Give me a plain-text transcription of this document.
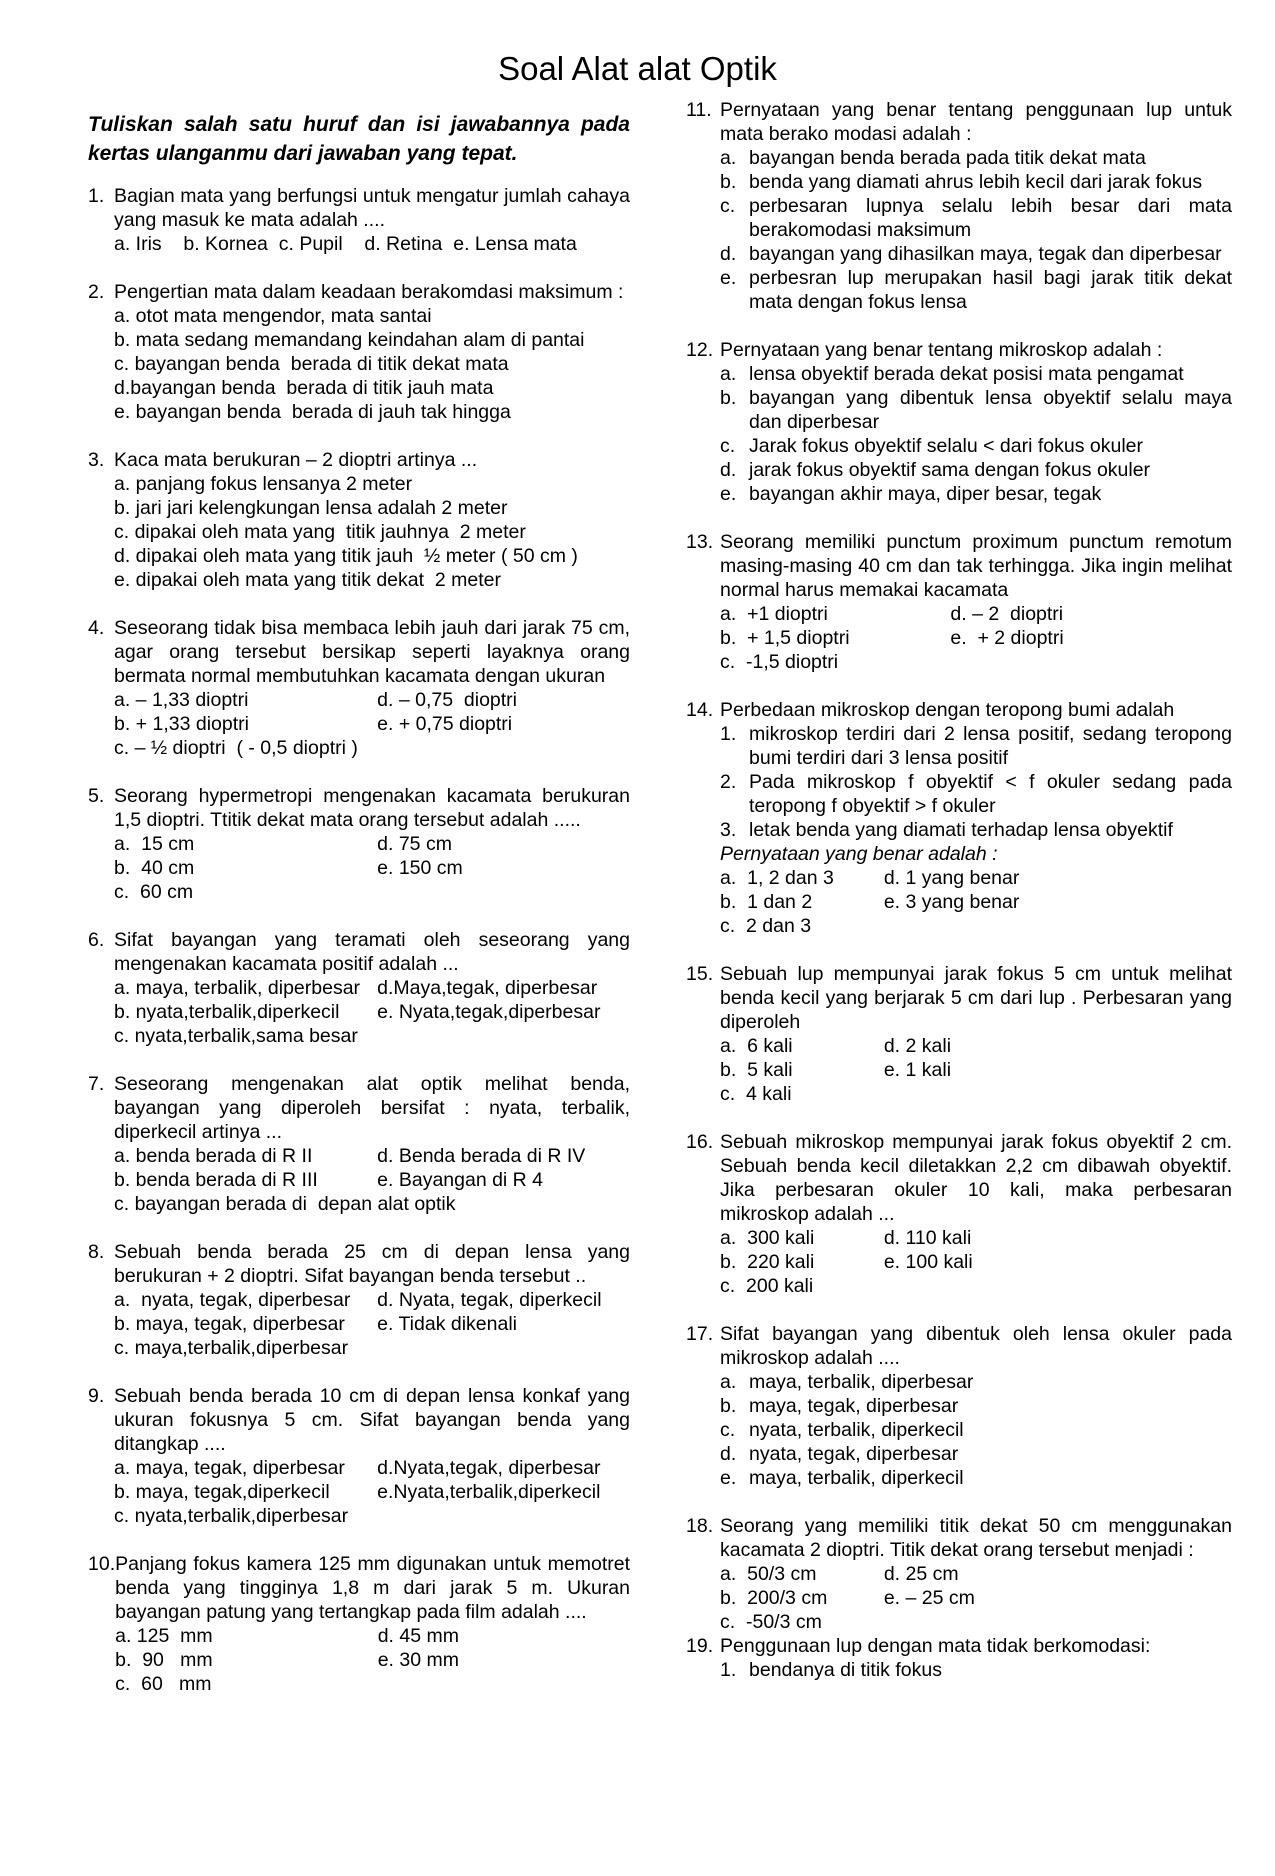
Soal Alat alat Optik

Tuliskan salah satu huruf dan isi jawabannya pada kertas ulanganmu dari jawaban yang tepat.

1. Bagian mata yang berfungsi untuk mengatur jumlah cahaya yang masuk ke mata adalah ....
a. Iris    b. Kornea  c. Pupil    d. Retina  e. Lensa mata
2. Pengertian mata dalam keadaan berakomdasi maksimum :
a. otot mata mengendor, mata santai
b. mata sedang memandang keindahan alam di pantai
c. bayangan benda  berada di titik dekat mata
d.bayangan benda  berada di titik jauh mata
e. bayangan benda  berada di jauh tak hingga
3. Kaca mata berukuran – 2 dioptri artinya ...
a. panjang fokus lensanya 2 meter
b. jari jari kelengkungan lensa adalah 2 meter
c. dipakai oleh mata yang  titik jauhnya  2 meter
d. dipakai oleh mata yang titik jauh  ½ meter ( 50 cm )
e. dipakai oleh mata yang titik dekat  2 meter
4. Seseorang tidak bisa membaca lebih jauh dari jarak 75 cm, agar orang tersebut bersikap seperti layaknya orang bermata normal membutuhkan kacamata dengan ukuran
a. – 1,33 dioptri	d. – 0,75  dioptri
b. + 1,33 dioptri	e. + 0,75 dioptri
c. – ½ dioptri  ( - 0,5 dioptri )
5. Seorang hypermetropi mengenakan kacamata berukuran 1,5 dioptri. Ttitik dekat mata orang tersebut adalah .....
a.  15 cm	d. 75 cm
b.  40 cm	e. 150 cm
c.  60 cm
6. Sifat bayangan yang teramati oleh seseorang yang mengenakan kacamata positif adalah ...
a. maya, terbalik, diperbesar d.Maya,tegak, diperbesar
b. nyata,terbalik,diperkecil	e. Nyata,tegak,diperbesar
c. nyata,terbalik,sama besar
7. Seseorang mengenakan alat optik melihat benda, bayangan yang diperoleh bersifat : nyata, terbalik, diperkecil artinya ...
a. benda berada di R II	d. Benda berada di R IV
b. benda berada di R III	e. Bayangan di R 4
c. bayangan berada di  depan alat optik
8. Sebuah benda berada 25 cm di depan lensa yang berukuran + 2 dioptri. Sifat bayangan benda tersebut ..
a.  nyata, tegak, diperbesar	d. Nyata, tegak, diperkecil
b. maya, tegak, diperbesar	e. Tidak dikenali
c. maya,terbalik,diperbesar
9. Sebuah benda berada 10 cm di depan lensa konkaf yang ukuran fokusnya 5 cm. Sifat bayangan benda yang ditangkap ....
a. maya, tegak, diperbesar	d.Nyata,tegak, diperbesar
b. maya, tegak,diperkecil	e.Nyata,terbalik,diperkecil
c. nyata,terbalik,diperbesar
10. Panjang fokus kamera 125 mm digunakan untuk memotret benda yang tingginya 1,8 m dari jarak 5 m. Ukuran bayangan patung yang tertangkap pada film adalah ....
a. 125  mm	d. 45 mm
b.  90   mm	e. 30 mm
c.  60   mm
11. Pernyataan yang benar tentang penggunaan lup untuk mata berako modasi adalah :
a. bayangan benda berada pada titik dekat mata
b. benda yang diamati ahrus lebih kecil dari jarak fokus
c. perbesaran lupnya selalu lebih besar dari mata berakomodasi maksimum
d. bayangan yang dihasilkan maya, tegak dan diperbesar
e. perbesran lup merupakan hasil bagi jarak titik dekat mata dengan fokus lensa
12. Pernyataan yang benar tentang mikroskop adalah :
a. lensa obyektif berada dekat posisi mata pengamat
b. bayangan yang dibentuk lensa obyektif selalu maya dan diperbesar
c. Jarak fokus obyektif selalu < dari fokus okuler
d. jarak fokus obyektif sama dengan fokus okuler
e. bayangan akhir maya, diper besar, tegak
13. Seorang memiliki punctum proximum punctum remotum masing-masing 40 cm dan tak terhingga. Jika ingin melihat normal harus memakai kacamata
a.  +1 dioptri	d. – 2  dioptri
b.  + 1,5 dioptri	e.  + 2 dioptri
c.  -1,5 dioptri
14. Perbedaan mikroskop dengan teropong bumi adalah
1. mikroskop terdiri dari 2 lensa positif, sedang teropong bumi terdiri dari 3 lensa positif
2. Pada mikroskop f obyektif < f okuler sedang pada teropong f obyektif > f okuler
3. letak benda yang diamati terhadap lensa obyektif
Pernyataan yang benar adalah :
a.  1, 2 dan 3	d. 1 yang benar
b.  1 dan 2	e. 3 yang benar
c.  2 dan 3
15. Sebuah lup mempunyai jarak fokus 5 cm untuk melihat benda kecil yang berjarak 5 cm dari lup . Perbesaran yang diperoleh
a.  6 kali	d. 2 kali
b.  5 kali	e. 1 kali
c.  4 kali
16. Sebuah mikroskop mempunyai jarak fokus obyektif 2 cm. Sebuah benda kecil diletakkan 2,2 cm dibawah obyektif. Jika perbesaran okuler 10 kali, maka perbesaran mikroskop adalah ...
a.  300 kali	d. 110 kali
b.  220 kali	e. 100 kali
c.  200 kali
17. Sifat bayangan yang dibentuk oleh lensa okuler pada mikroskop adalah ....
a. maya, terbalik, diperbesar
b. maya, tegak, diperbesar
c. nyata, terbalik, diperkecil
d. nyata, tegak, diperbesar
e. maya, terbalik, diperkecil
18. Seorang yang memiliki titik dekat 50 cm menggunakan kacamata 2 dioptri. Titik dekat orang tersebut menjadi :
a.  50/3 cm	d. 25 cm
b.  200/3 cm	e. – 25 cm
c.  -50/3 cm
19. Penggunaan lup dengan mata tidak berkomodasi:
1. bendanya di titik fokus
